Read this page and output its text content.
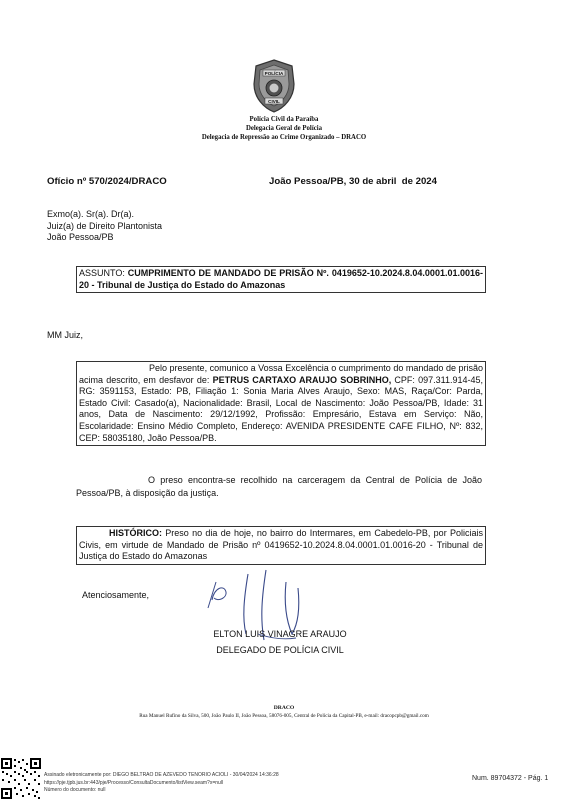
POLÍCIA
CIVIL
Polícia Civil da Paraíba
Delegacia Geral de Polícia
Delegacia de Repressão ao Crime Organizado – DRACO
Ofício nº 570/2024/DRACO	João Pessoa/PB, 30 de abril  de 2024
Exmo(a). Sr(a). Dr(a).
Juiz(a) de Direito Plantonista
João Pessoa/PB
ASSUNTO: CUMPRIMENTO DE MANDADO DE PRISÃO Nº. 0419652-10.2024.8.04.0001.01.0016-20 - Tribunal de Justiça do Estado do Amazonas
MM Juiz,
Pelo presente, comunico a Vossa Excelência o cumprimento do mandado de prisão acima descrito, em desfavor de: PETRUS CARTAXO ARAUJO SOBRINHO, CPF: 097.311.914-45, RG: 3591153, Estado: PB, Filiação 1: Sonia Maria Alves Araujo, Sexo: MAS, Raça/Cor: Parda, Estado Civil: Casado(a), Nacionalidade: Brasil, Local de Nascimento: João Pessoa/PB, Idade: 31 anos, Data de Nascimento: 29/12/1992, Profissão: Empresário, Estava em Serviço: Não, Escolaridade: Ensino Médio Completo, Endereço: AVENIDA PRESIDENTE CAFE FILHO, Nº: 832, CEP: 58035180, João Pessoa/PB.
O preso encontra-se recolhido na carceragem da Central de Polícia de João Pessoa/PB, à disposição da justiça.
HISTÓRICO: Preso no dia de hoje, no bairro do Intermares, em Cabedelo-PB, por Policiais Civis, em virtude de Mandado de Prisão nº 0419652-10.2024.8.04.0001.01.0016-20 - Tribunal de Justiça do Estado do Amazonas
Atenciosamente,
ELTON LUIS VINAGRE ARAUJO
DELEGADO DE POLÍCIA CIVIL
DRACO
Rua Manuel Rufino da Silva, 500, João Paulo II, João Pessoa, 58076-005, Central de Polícia da Capital-PB, e-mail: dracopcpb@gmail.com
Assinado eletronicamente por: DIEGO BELTRAO DE AZEVEDO TENORIO ACIOLI - 30/04/2024 14:36:28
https://pje.tjpb.jus.br:443/pje/Processo/ConsultaDocumento/listView.seam?x=null
Número do documento: null
Num. 89704372 - Pág. 1
